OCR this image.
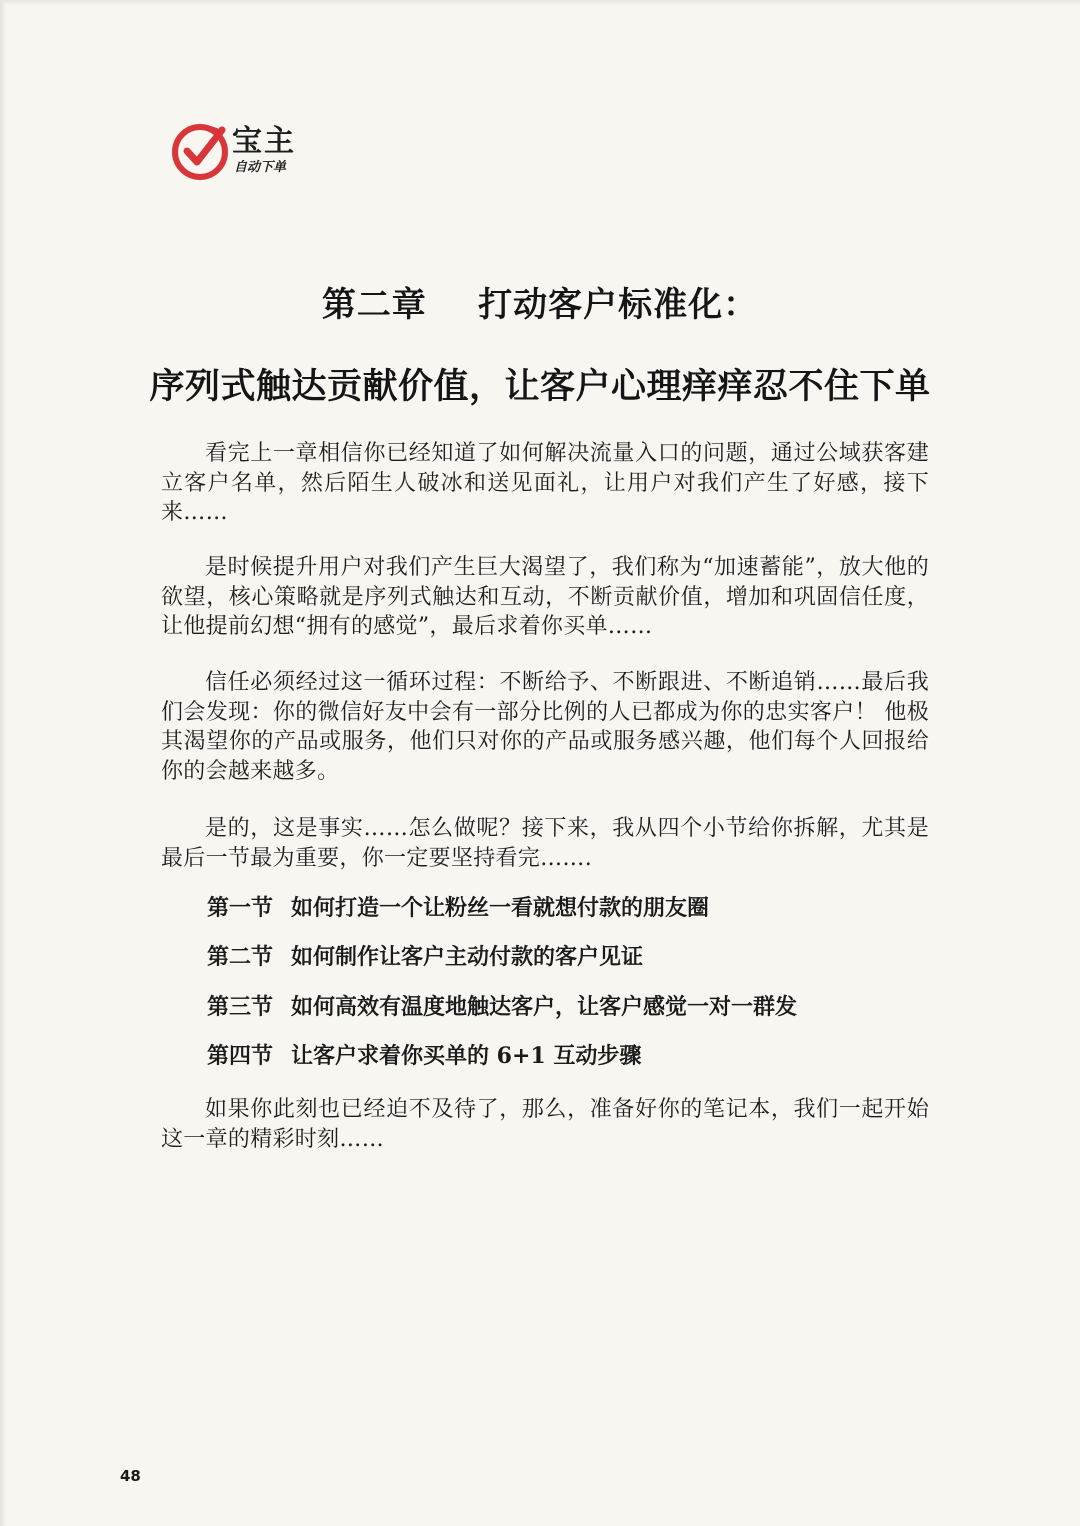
宝主
自动下单
第二章    打动客户标准化：
序列式触达贡献价值，让客户心理痒痒忍不住下单
看完上一章相信你已经知道了如何解决流量入口的问题，通过公域获客建立客户名单，然后陌生人破冰和送见面礼，让用户对我们产生了好感，接下来……
是时候提升用户对我们产生巨大渴望了，我们称为“加速蓄能”，放大他的欲望，核心策略就是序列式触达和互动，不断贡献价值，增加和巩固信任度，让他提前幻想“拥有的感觉”，最后求着你买单……
信任必须经过这一循环过程：不断给予、不断跟进、不断追销……最后我们会发现：你的微信好友中会有一部分比例的人已都成为你的忠实客户！ 他极其渴望你的产品或服务，他们只对你的产品或服务感兴趣，他们每个人回报给你的会越来越多。
是的，这是事实……怎么做呢？接下来，我从四个小节给你拆解，尤其是最后一节最为重要，你一定要坚持看完…….
第一节 如何打造一个让粉丝一看就想付款的朋友圈
第二节 如何制作让客户主动付款的客户见证
第三节 如何高效有温度地触达客户，让客户感觉一对一群发
第四节 让客户求着你买单的 6+1 互动步骤
如果你此刻也已经迫不及待了，那么，准备好你的笔记本，我们一起开始这一章的精彩时刻……
48
